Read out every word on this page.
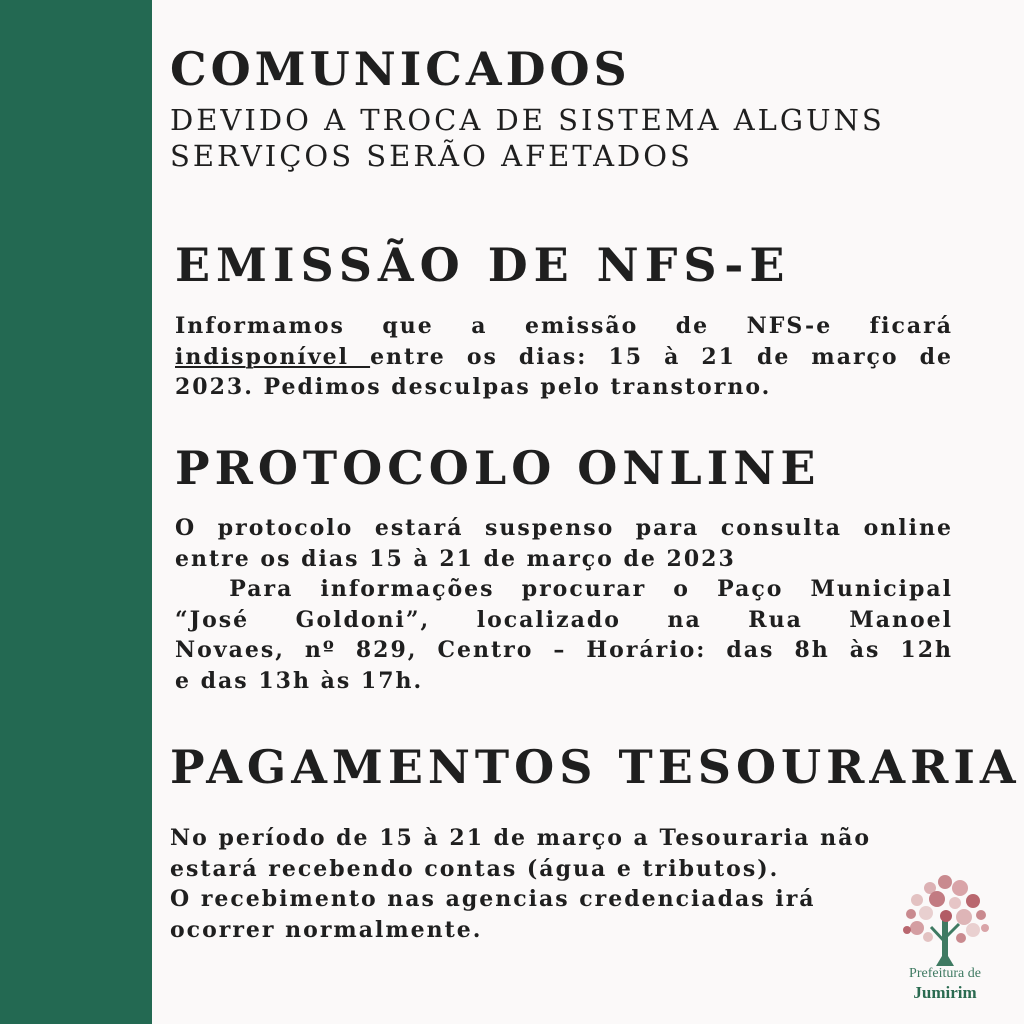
COMUNICADOS

DEVIDO A TROCA DE SISTEMA ALGUNS
SERVIÇOS SERÃO AFETADOS

EMISSÃO DE NFS-E
Informamos que a emissão de NFS-e ficará
indisponível entre os dias: 15 à 21 de março de
2023. Pedimos desculpas pelo transtorno.
PROTOCOLO ONLINE
O protocolo estará suspenso para consulta online
entre os dias 15 à 21 de março de 2023
Para informações procurar o Paço Municipal
“José Goldoni”, localizado na Rua Manoel
Novaes, nº 829, Centro – Horário: das 8h às 12h
e das 13h às 17h.
PAGAMENTOS TESOURARIA
No período de 15 à 21 de março a Tesouraria não
estará recebendo contas (água e tributos).
O recebimento nas agencias credenciadas irá
ocorrer normalmente.
Prefeitura de
Jumirim
